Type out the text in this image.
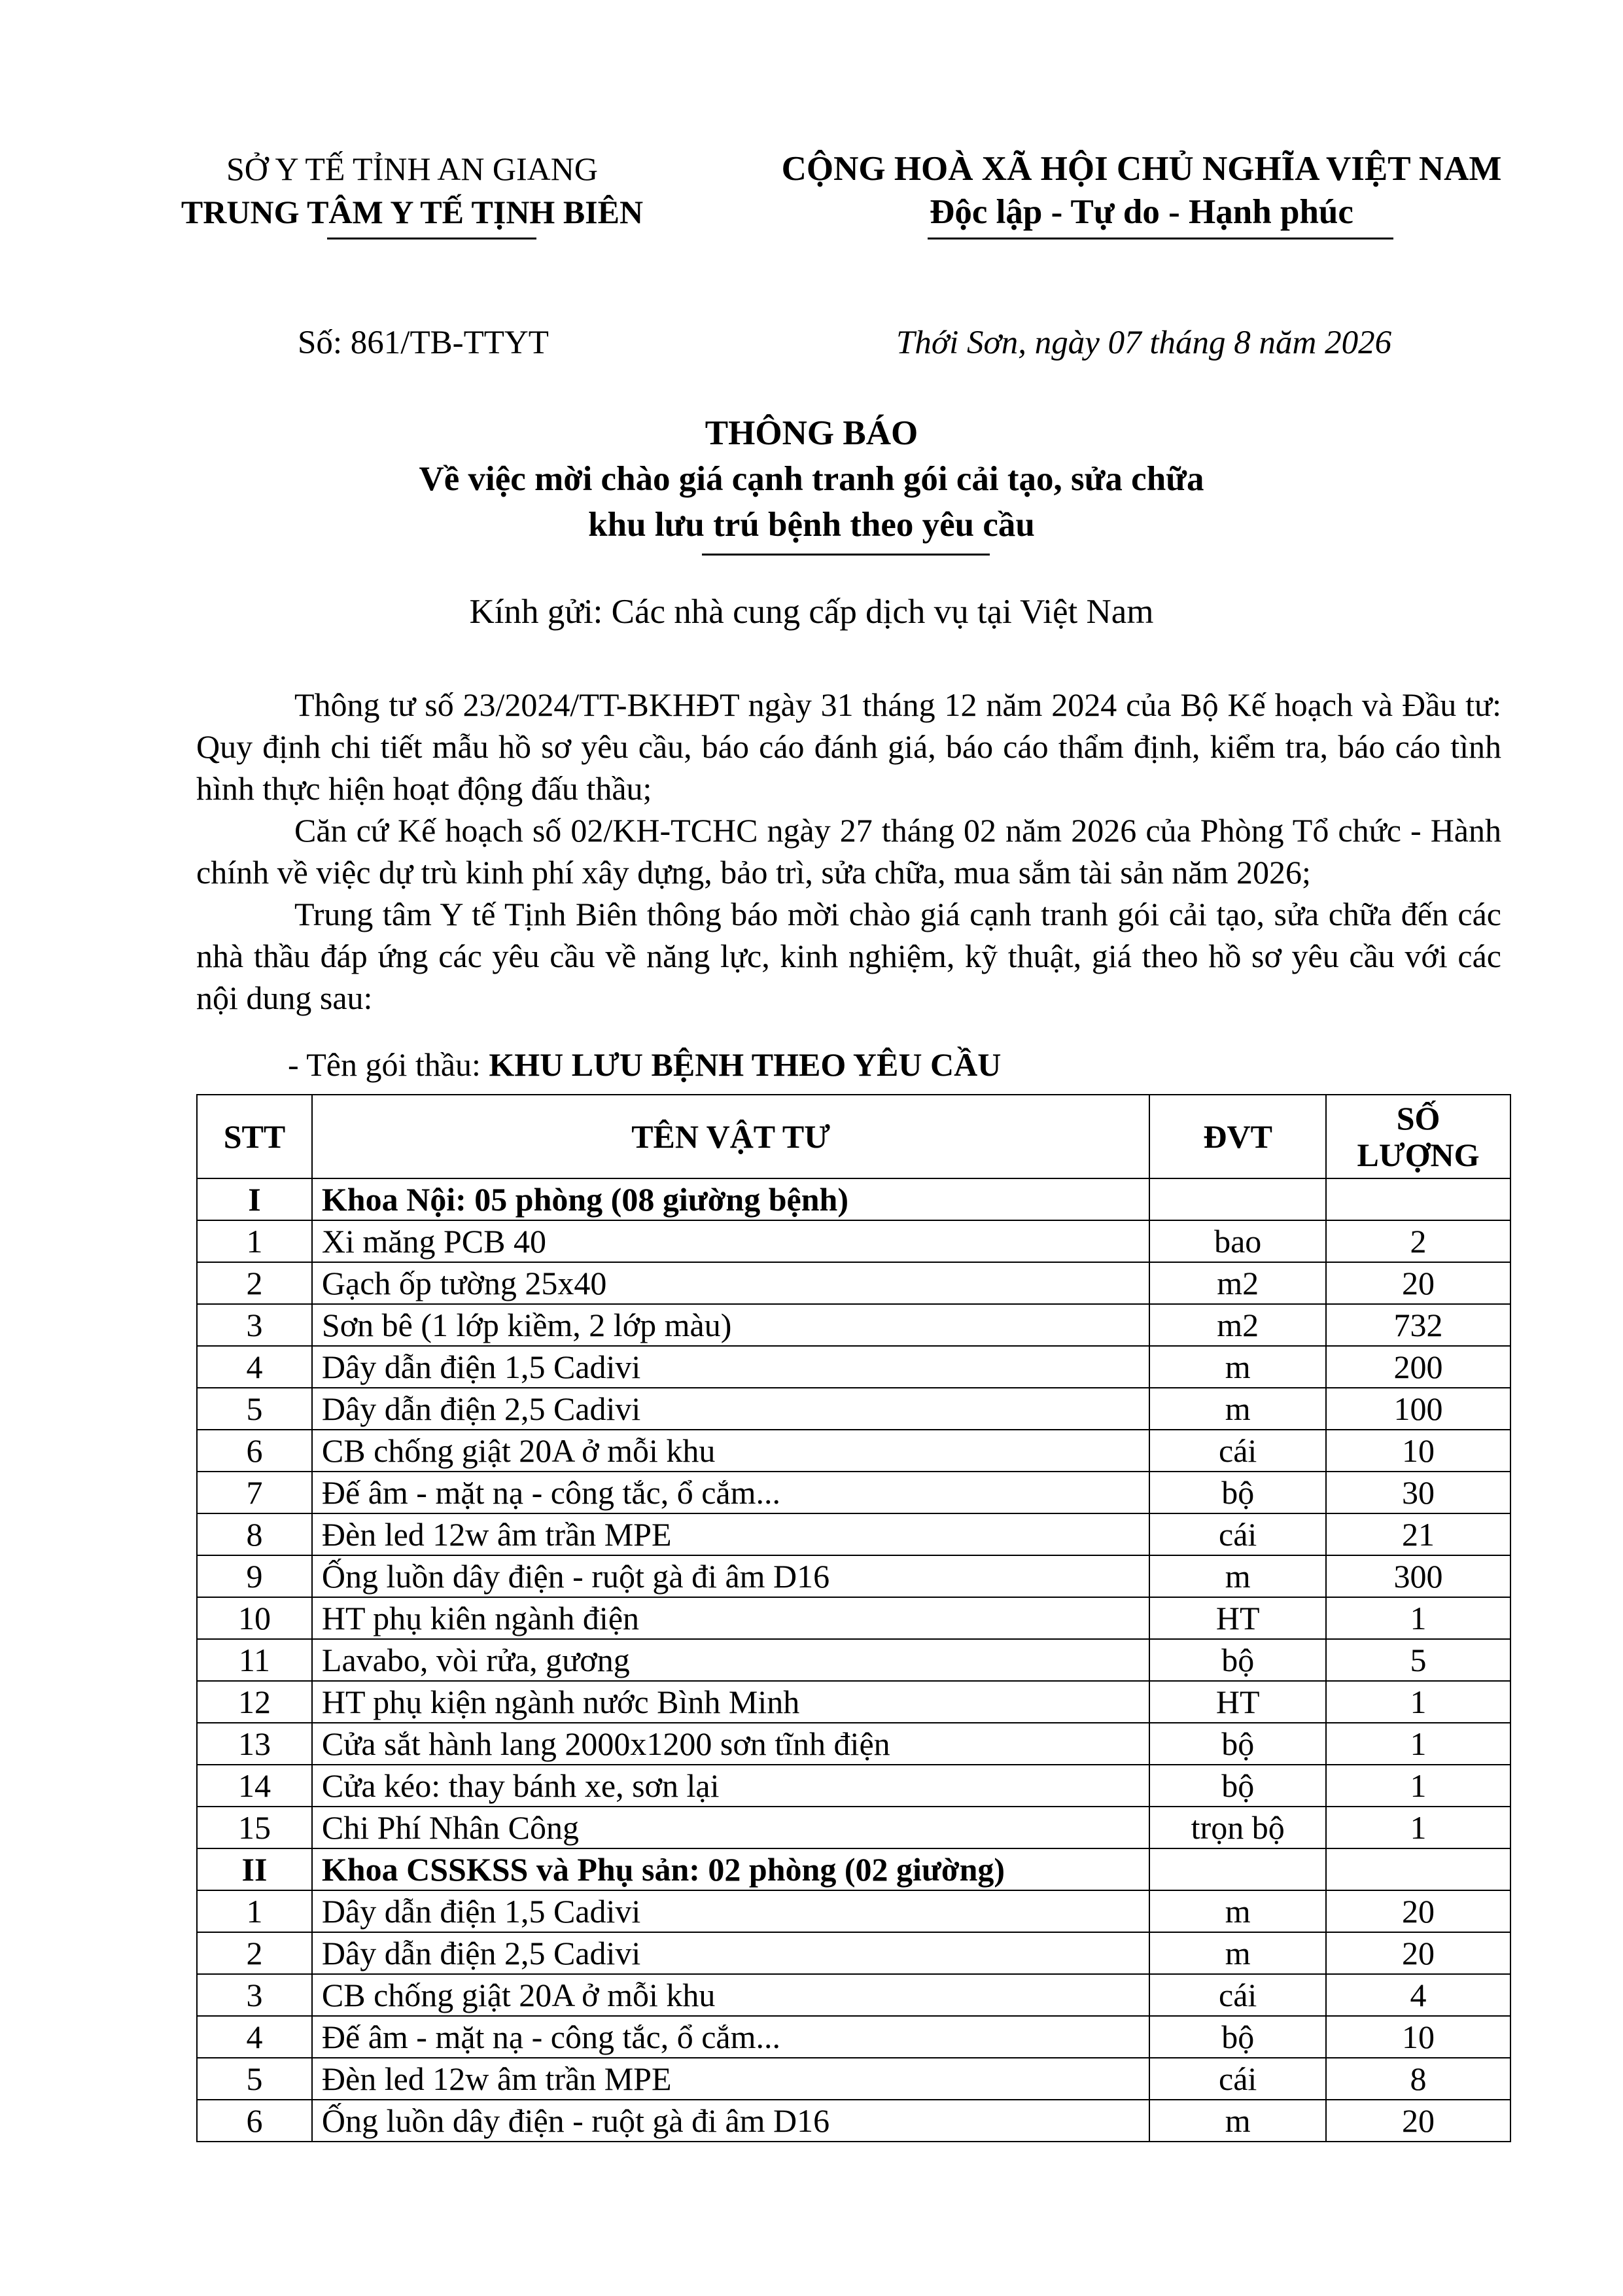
SỞ Y TẾ TỈNH AN GIANG
TRUNG TÂM Y TẾ TỊNH BIÊN
CỘNG HOÀ XÃ HỘI CHỦ NGHĨA VIỆT NAM
Độc lập - Tự do - Hạnh phúc
Số: 861/TB-TTYT	Thới Sơn, ngày 07 tháng 8 năm 2026
THÔNG BÁO
Về việc mời chào giá cạnh tranh gói cải tạo, sửa chữa
khu lưu trú bệnh theo yêu cầu
Kính gửi: Các nhà cung cấp dịch vụ tại Việt Nam

Thông tư số 23/2024/TT-BKHĐT ngày 31 tháng 12 năm 2024 của Bộ Kế hoạch và Đầu tư: Quy định chi tiết mẫu hồ sơ yêu cầu, báo cáo đánh giá, báo cáo thẩm định, kiểm tra, báo cáo tình hình thực hiện hoạt động đấu thầu;

Căn cứ Kế hoạch số 02/KH-TCHC ngày 27 tháng 02 năm 2026 của Phòng Tổ chức - Hành chính về việc dự trù kinh phí xây dựng, bảo trì, sửa chữa, mua sắm tài sản năm 2026;

Trung tâm Y tế Tịnh Biên thông báo mời chào giá cạnh tranh gói cải tạo, sửa chữa đến các nhà thầu đáp ứng các yêu cầu về năng lực, kinh nghiệm, kỹ thuật, giá theo hồ sơ yêu cầu với các nội dung sau:

- Tên gói thầu: KHU LƯU BỆNH THEO YÊU CẦU
STT	TÊN VẬT TƯ	ĐVT	SỐ
LƯỢNG

I	Khoa Nội: 05 phòng (08 giường bệnh)		
1	Xi măng PCB 40	bao	2
2	Gạch ốp tường 25x40	m2	20
3	Sơn bê (1 lớp kiềm, 2 lớp màu)	m2	732
4	Dây dẫn điện 1,5 Cadivi	m	200
5	Dây dẫn điện 2,5 Cadivi	m	100
6	CB chống giật 20A ở mỗi khu	cái	10
7	Đế âm - mặt nạ - công tắc, ổ cắm...	bộ	30
8	Đèn led 12w âm trần MPE	cái	21
9	Ống luồn dây điện - ruột gà đi âm D16	m	300
10	HT phụ kiên ngành điện	HT	1
11	Lavabo, vòi rửa, gương	bộ	5
12	HT phụ kiện ngành nước Bình Minh	HT	1
13	Cửa sắt hành lang 2000x1200 sơn tĩnh điện	bộ	1
14	Cửa kéo: thay bánh xe, sơn lại	bộ	1
15	Chi Phí Nhân Công	trọn bộ	1
II	Khoa CSSKSS và Phụ sản: 02 phòng (02 giường)		
1	Dây dẫn điện 1,5 Cadivi	m	20
2	Dây dẫn điện 2,5 Cadivi	m	20
3	CB chống giật 20A ở mỗi khu	cái	4
4	Đế âm - mặt nạ - công tắc, ổ cắm...	bộ	10
5	Đèn led 12w âm trần MPE	cái	8
6	Ống luồn dây điện - ruột gà đi âm D16	m	20
